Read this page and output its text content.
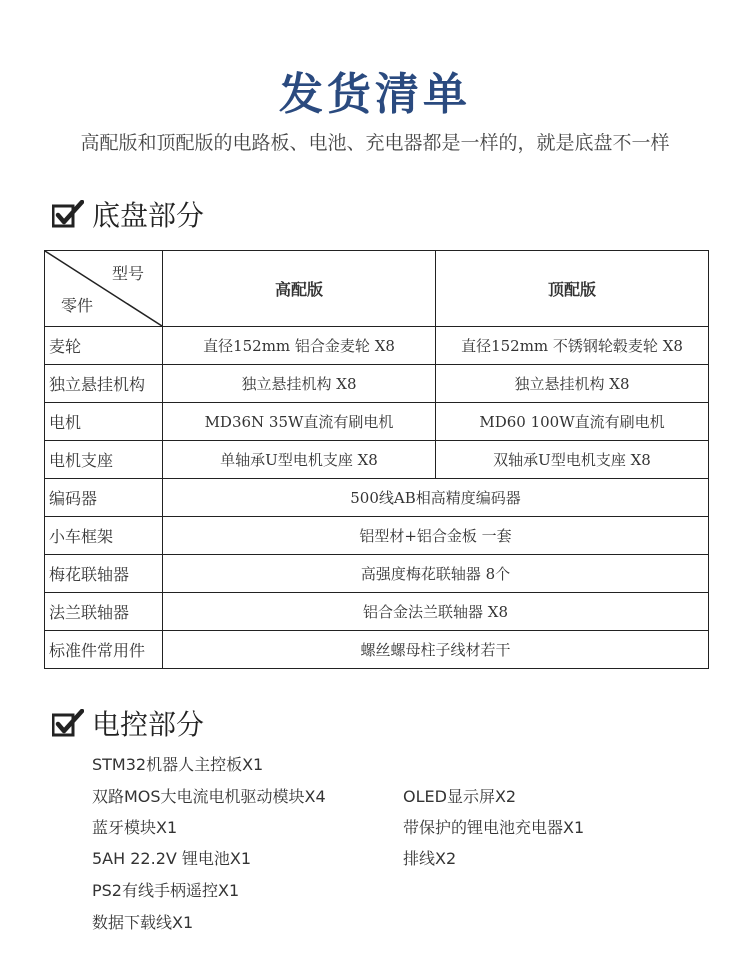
发货清单
高配版和顶配版的电路板、电池、充电器都是一样的，就是底盘不一样
底盘部分
型号
零件	高配版	顶配版
麦轮	直径152mm 铝合金麦轮 X8	直径152mm 不锈钢轮毂麦轮 X8
独立悬挂机构	独立悬挂机构 X8	独立悬挂机构 X8
电机	MD36N 35W直流有刷电机	MD60 100W直流有刷电机
电机支座	单轴承U型电机支座 X8	双轴承U型电机支座 X8
编码器	500线AB相高精度编码器	
小车框架	铝型材+铝合金板 一套	
梅花联轴器	高强度梅花联轴器 8个	
法兰联轴器	铝合金法兰联轴器 X8	
标准件常用件	螺丝螺母柱子线材若干	
电控部分
STM32机器人主控板X1
双路MOS大电流电机驱动模块X4
蓝牙模块X1
5AH 22.2V 锂电池X1
PS2有线手柄遥控X1
数据下载线X1
OLED显示屏X2
带保护的锂电池充电器X1
排线X2
